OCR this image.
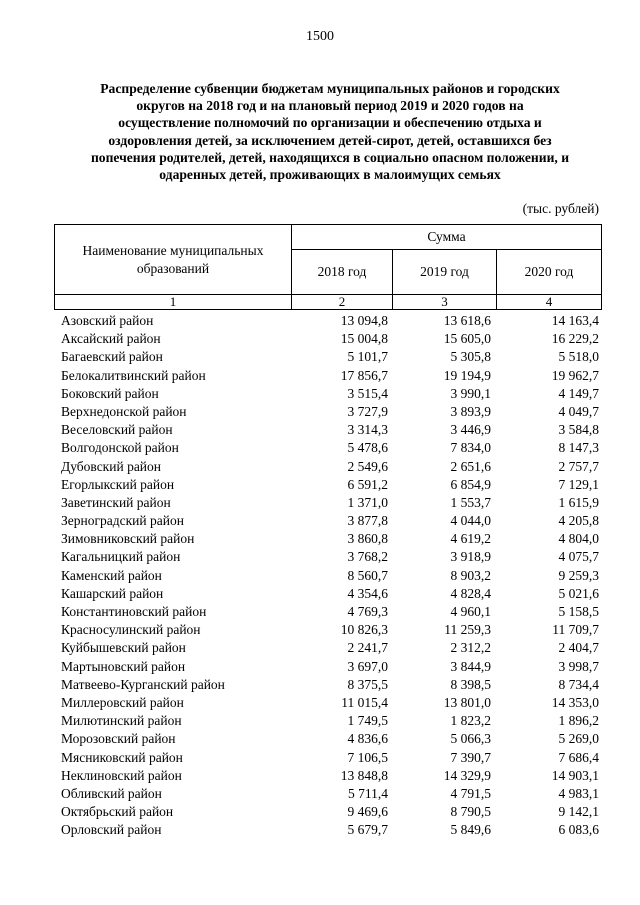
1500
Распределение субвенции бюджетам муниципальных районов и городских
округов на 2018 год и на плановый период 2019 и 2020 годов на
осуществление полномочий по организации и обеспечению отдыха и
оздоровления детей, за исключением детей-сирот, детей, оставшихся без
попечения родителей, детей, находящихся в социально опасном положении, и
одаренных детей, проживающих в малоимущих семьях
(тыс. рублей)
Наименование муниципальных
образований	Сумма		
	2018 год	2019 год	2020 год
1	2	3	4
Азовский район	13 094,8	13 618,6	14 163,4
Аксайский район	15 004,8	15 605,0	16 229,2
Багаевский район	5 101,7	5 305,8	5 518,0
Белокалитвинский район	17 856,7	19 194,9	19 962,7
Боковский район	3 515,4	3 990,1	4 149,7
Верхнедонской район	3 727,9	3 893,9	4 049,7
Веселовский район	3 314,3	3 446,9	3 584,8
Волгодонской район	5 478,6	7 834,0	8 147,3
Дубовский район	2 549,6	2 651,6	2 757,7
Егорлыкский район	6 591,2	6 854,9	7 129,1
Заветинский район	1 371,0	1 553,7	1 615,9
Зерноградский район	3 877,8	4 044,0	4 205,8
Зимовниковский район	3 860,8	4 619,2	4 804,0
Кагальницкий район	3 768,2	3 918,9	4 075,7
Каменский район	8 560,7	8 903,2	9 259,3
Кашарский район	4 354,6	4 828,4	5 021,6
Константиновский район	4 769,3	4 960,1	5 158,5
Красносулинский район	10 826,3	11 259,3	11 709,7
Куйбышевский район	2 241,7	2 312,2	2 404,7
Мартыновский район	3 697,0	3 844,9	3 998,7
Матвеево-Курганский район	8 375,5	8 398,5	8 734,4
Миллеровский район	11 015,4	13 801,0	14 353,0
Милютинский район	1 749,5	1 823,2	1 896,2
Морозовский район	4 836,6	5 066,3	5 269,0
Мясниковский район	7 106,5	7 390,7	7 686,4
Неклиновский район	13 848,8	14 329,9	14 903,1
Обливский район	5 711,4	4 791,5	4 983,1
Октябрьский район	9 469,6	8 790,5	9 142,1
Орловский район	5 679,7	5 849,6	6 083,6
